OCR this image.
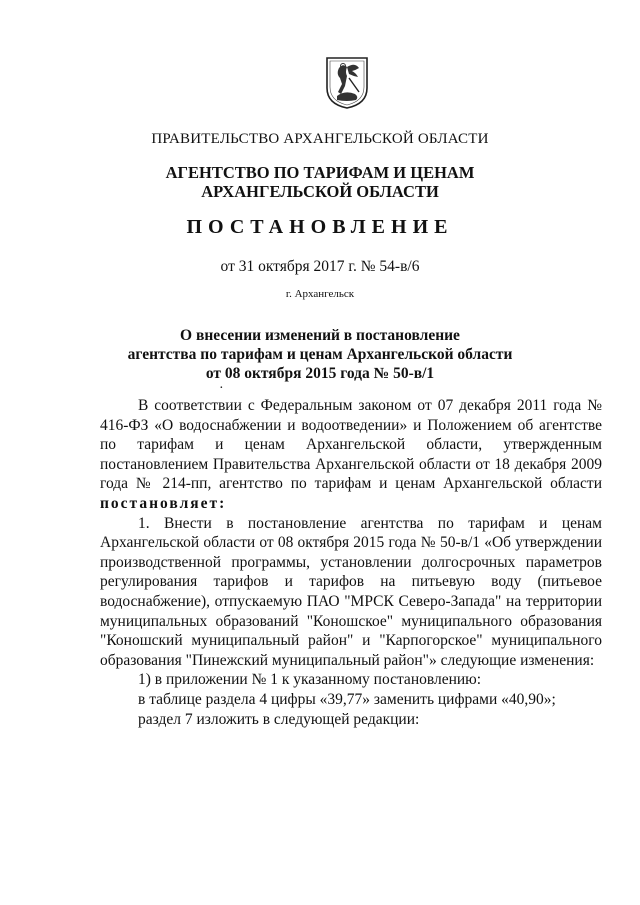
ПРАВИТЕЛЬСТВО АРХАНГЕЛЬСКОЙ ОБЛАСТИ
АГЕНТСТВО ПО ТАРИФАМ И ЦЕНАМ
АРХАНГЕЛЬСКОЙ ОБЛАСТИ
ПОСТАНОВЛЕНИЕ
от 31 октября 2017 г. № 54-в/6
г. Архангельск
О внесении изменений в постановление
агентства по тарифам и ценам Архангельской области
от 08 октября 2015 года № 50-в/1
·

В соответствии с Федеральным законом от 07 декабря 2011 года № 416-ФЗ «О водоснабжении и водоотведении» и Положением об агентстве по тарифам и ценам Архангельской области, утвержденным постановлением Правительства Архангельской области от 18 декабря 2009 года № 214-пп, агентство по тарифам и ценам Архангельской области постановляет:

1. Внести в постановление агентства по тарифам и ценам Архангельской области от 08 октября 2015 года № 50-в/1 «Об утверждении производственной программы, установлении долгосрочных параметров регулирования тарифов и тарифов на питьевую воду (питьевое водоснабжение), отпускаемую ПАО "МРСК Северо-Запада" на территории муниципальных образований "Коношское" муниципального образования "Коношский муниципальный район" и "Карпогорское" муниципального образования "Пинежский муниципальный район"» следующие изменения:

1) в приложении № 1 к указанному постановлению:

в таблице раздела 4 цифры «39,77» заменить цифрами «40,90»;

раздел 7 изложить в следующей редакции:
